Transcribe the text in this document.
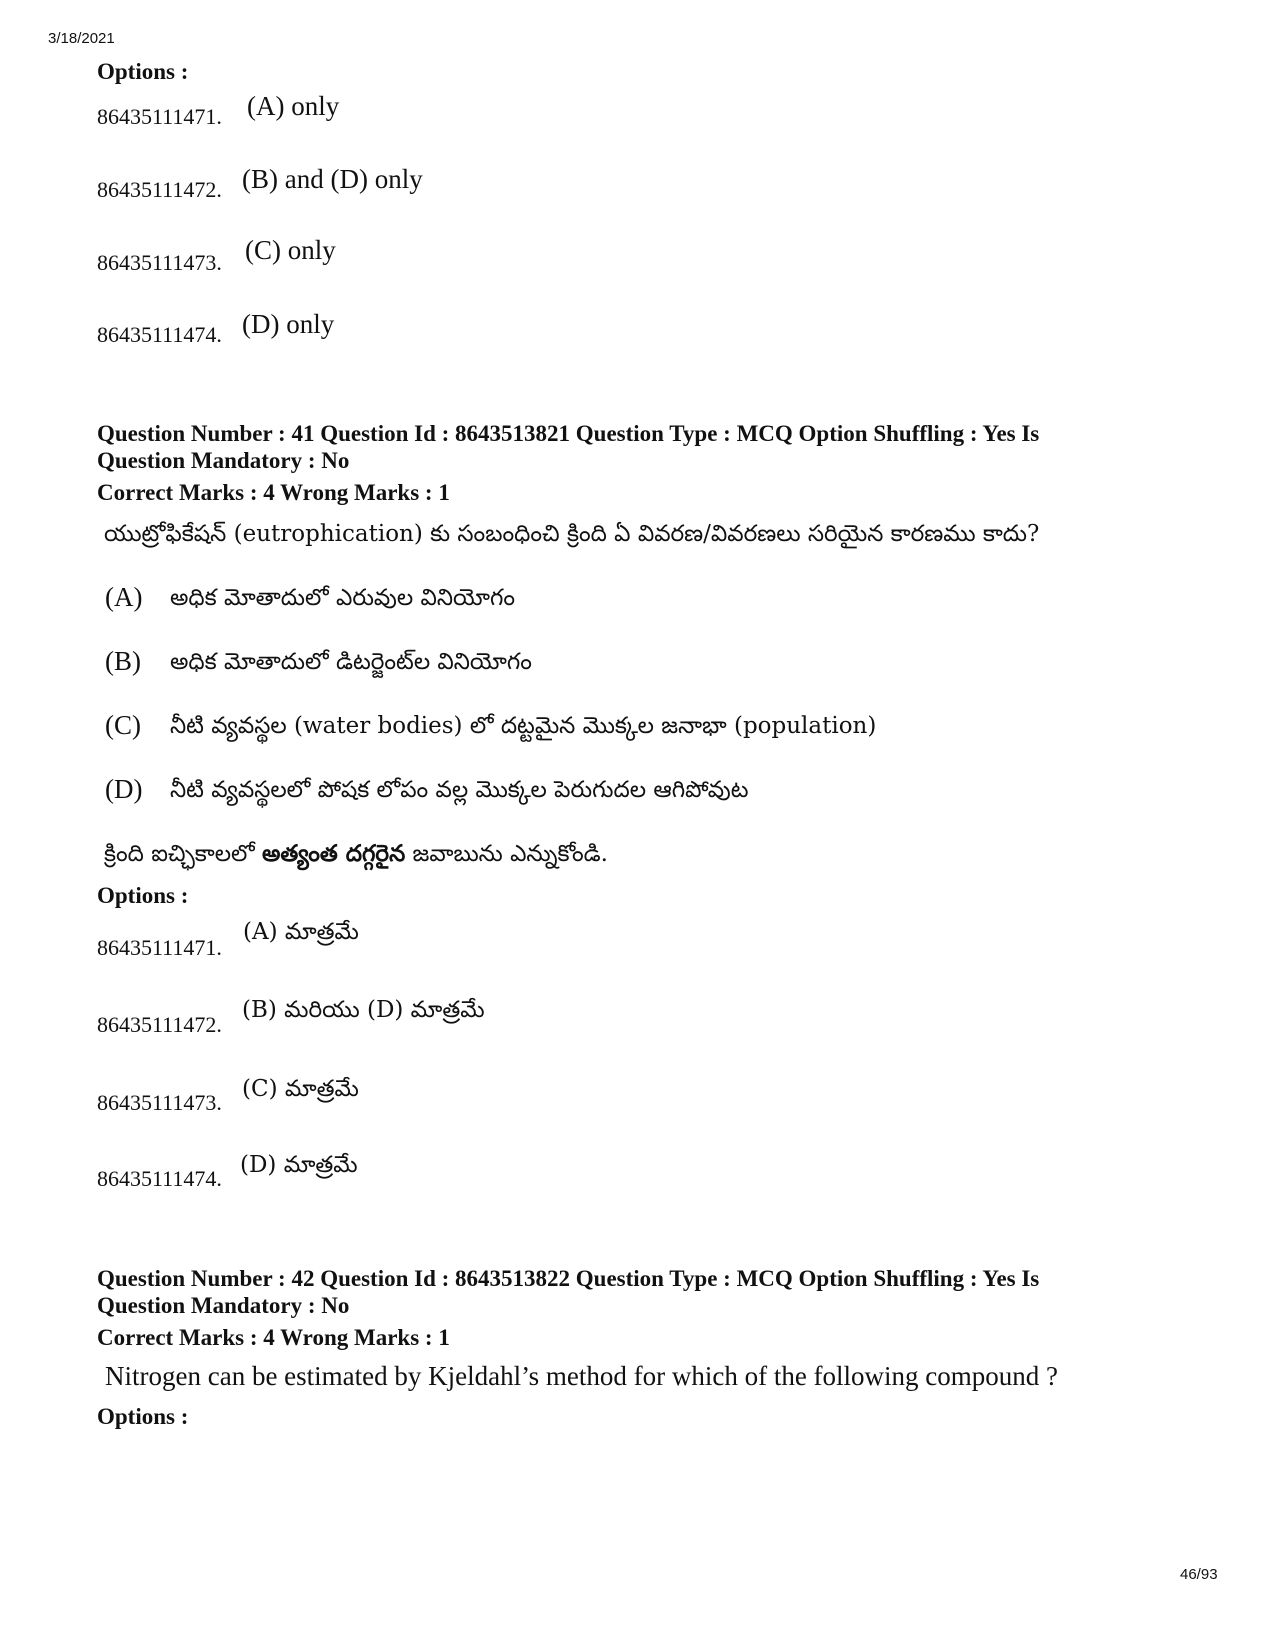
3/18/2021
Options :
86435111471. (A) only
86435111472. (B) and (D) only
86435111473. (C) only
86435111474. (D) only
Question Number : 41 Question Id : 8643513821 Question Type : MCQ Option Shuffling : Yes Is
Question Mandatory : No
Correct Marks : 4 Wrong Marks : 1
యుట్రోఫికేషన్ (eutrophication) కు సంబంధించి క్రింది ఏ వివరణ/వివరణలు సరియైన కారణము కాదు?
(A) అధిక మోతాదులో ఎరువుల వినియోగం
(B) అధిక మోతాదులో డిటర్జెంట్‌ల వినియోగం
(C) నీటి వ్యవస్థల (water bodies) లో దట్టమైన మొక్కల జనాభా (population)
(D) నీటి వ్యవస్థలలో పోషక లోపం వల్ల మొక్కల పెరుగుదల ఆగిపోవుట
క్రింది ఐచ్ఛికాలలో అత్యంత దగ్గరైన జవాబును ఎన్నుకోండి.
Options :
86435111471.
(A) మాత్రమే
86435111472.
(B) మరియు (D) మాత్రమే
86435111473.
(C) మాత్రమే
86435111474.
(D) మాత్రమే
Question Number : 42 Question Id : 8643513822 Question Type : MCQ Option Shuffling : Yes Is
Question Mandatory : No
Correct Marks : 4 Wrong Marks : 1
Nitrogen can be estimated by Kjeldahl’s method for which of the following compound ?
Options :
46/93
